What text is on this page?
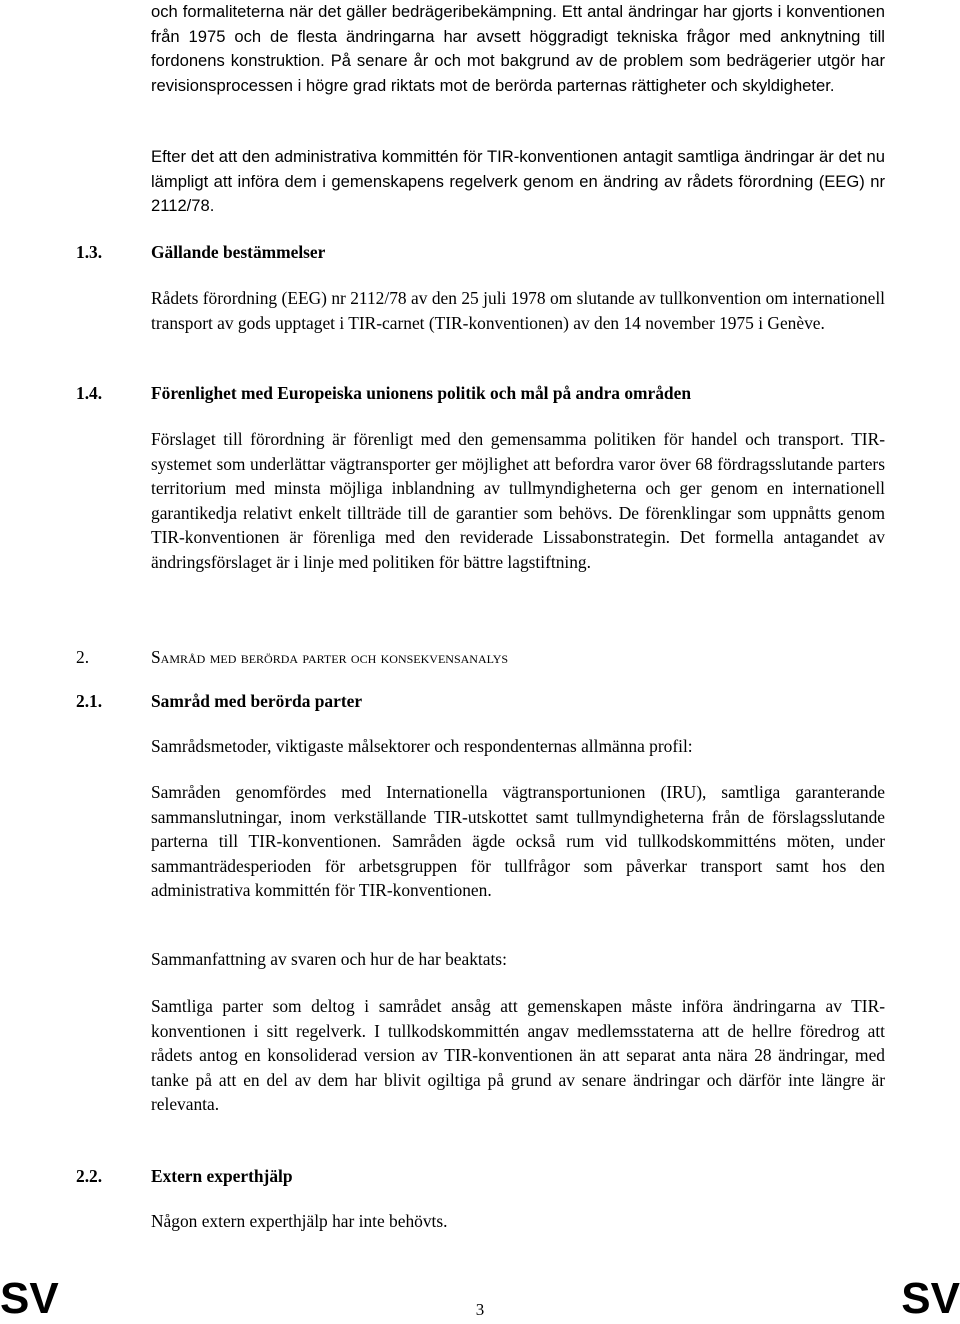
och formaliteterna när det gäller bedrägeribekämpning. Ett antal ändringar har gjorts i konventionen från 1975 och de flesta ändringarna har avsett höggradigt tekniska frågor med anknytning till fordonens konstruktion. På senare år och mot bakgrund av de problem som bedrägerier utgör har revisionsprocessen i högre grad riktats mot de berörda parternas rättigheter och skyldigheter.

Efter det att den administrativa kommittén för TIR-konventionen antagit samtliga ändringar är det nu lämpligt att införa dem i gemenskapens regelverk genom en ändring av rådets förordning (EEG) nr 2112/78.

1.3.	Gällande bestämmelser

Rådets förordning (EEG) nr 2112/78 av den 25 juli 1978 om slutande av tullkonvention om internationell transport av gods upptaget i TIR-carnet (TIR-konventionen) av den 14 november 1975 i Genève.

1.4.	Förenlighet med Europeiska unionens politik och mål på andra områden

Förslaget till förordning är förenligt med den gemensamma politiken för handel och transport. TIR-systemet som underlättar vägtransporter ger möjlighet att befordra varor över 68 fördragsslutande parters territorium med minsta möjliga inblandning av tullmyndigheterna och ger genom en internationell garantikedja relativt enkelt tillträde till de garantier som behövs. De förenklingar som uppnåtts genom TIR-konventionen är förenliga med den reviderade Lissabonstrategin. Det formella antagandet av ändringsförslaget är i linje med politiken för bättre lagstiftning.

2.	Samråd med berörda parter och konsekvensanalys
2.1.	Samråd med berörda parter

Samrådsmetoder, viktigaste målsektorer och respondenternas allmänna profil:

Samråden genomfördes med Internationella vägtransportunionen (IRU), samtliga garanterande sammanslutningar, inom verkställande TIR-utskottet samt tullmyndigheterna från de förslagsslutande parterna till TIR-konventionen. Samråden ägde också rum vid tullkodskommitténs möten, under sammanträdesperioden för arbetsgruppen för tullfrågor som påverkar transport samt hos den administrativa kommittén för TIR-konventionen.

Sammanfattning av svaren och hur de har beaktats:

Samtliga parter som deltog i samrådet ansåg att gemenskapen måste införa ändringarna av TIR-konventionen i sitt regelverk. I tullkodskommittén angav medlemsstaterna att de hellre föredrog att rådets antog en konsoliderad version av TIR-konventionen än att separat anta nära 28 ändringar, med tanke på att en del av dem har blivit ogiltiga på grund av senare ändringar och därför inte längre är relevanta.

2.2.	Extern experthjälp

Någon extern experthjälp har inte behövts.

SV	3	SV
